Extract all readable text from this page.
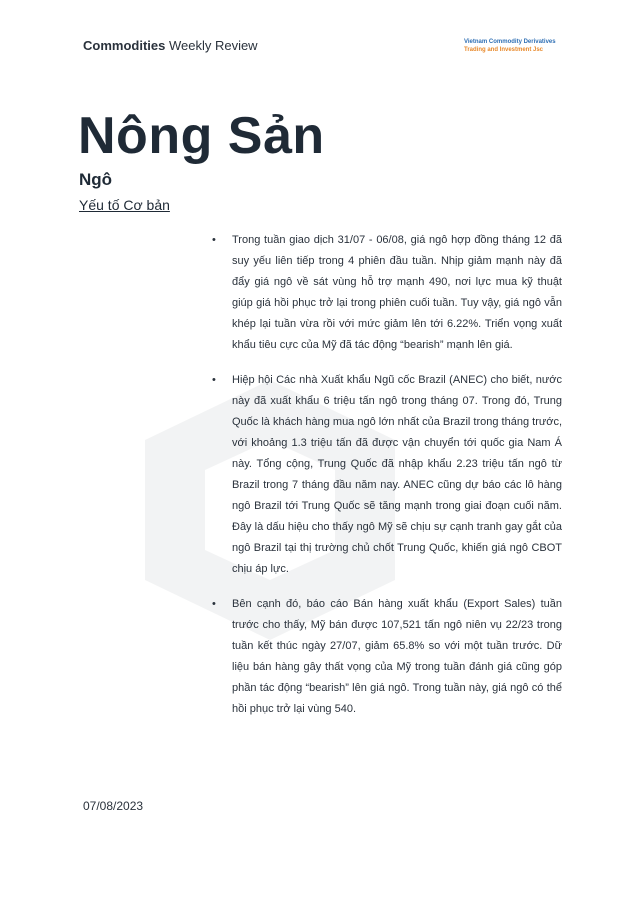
Commodities Weekly Review	Vietnam Commodity Derivatives
Trading and Investment Jsc
Nông Sản
Ngô
Yếu tố Cơ bản
• Trong tuần giao dịch 31/07 - 06/08, giá ngô hợp đồng tháng 12 đã suy yếu liên tiếp trong 4 phiên đầu tuần. Nhịp giảm mạnh này đã đẩy giá ngô về sát vùng hỗ trợ mạnh 490, nơi lực mua kỹ thuật giúp giá hồi phục trở lại trong phiên cuối tuần. Tuy vậy, giá ngô vẫn khép lại tuần vừa rồi với mức giảm lên tới 6.22%. Triển vọng xuất khẩu tiêu cực của Mỹ đã tác động “bearish” mạnh lên giá.
• Hiệp hội Các nhà Xuất khẩu Ngũ cốc Brazil (ANEC) cho biết, nước này đã xuất khẩu 6 triệu tấn ngô trong tháng 07. Trong đó, Trung Quốc là khách hàng mua ngô lớn nhất của Brazil trong tháng trước, với khoảng 1.3 triệu tấn đã được vận chuyển tới quốc gia Nam Á này. Tổng cộng, Trung Quốc đã nhập khẩu 2.23 triệu tấn ngô từ Brazil trong 7 tháng đầu năm nay. ANEC cũng dự báo các lô hàng ngô Brazil tới Trung Quốc sẽ tăng mạnh trong giai đoạn cuối năm. Đây là dấu hiệu cho thấy ngô Mỹ sẽ chịu sự cạnh tranh gay gắt của ngô Brazil tại thị trường chủ chốt Trung Quốc, khiến giá ngô CBOT chịu áp lực.
• Bên cạnh đó, báo cáo Bán hàng xuất khẩu (Export Sales) tuần trước cho thấy, Mỹ bán được 107,521 tấn ngô niên vụ 22/23 trong tuần kết thúc ngày 27/07, giảm 65.8% so với một tuần trước. Dữ liệu bán hàng gây thất vọng của Mỹ trong tuần đánh giá cũng góp phần tác động “bearish” lên giá ngô. Trong tuần này, giá ngô có thể hồi phục trở lại vùng 540.
07/08/2023
